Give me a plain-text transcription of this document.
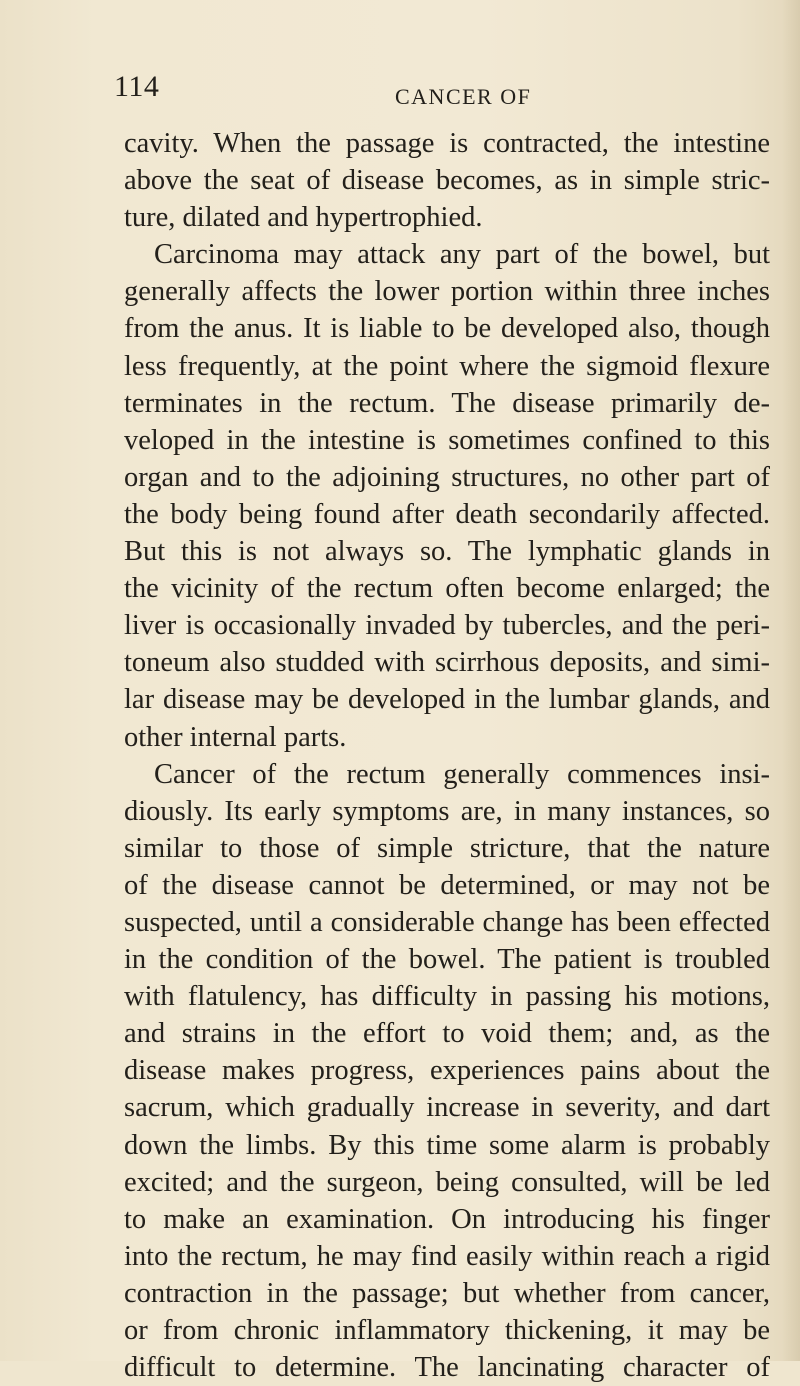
114	CANCER OF
cavity. When the passage is contracted, the intestine
above the seat of disease becomes, as in simple stric-
ture, dilated and hypertrophied.
Carcinoma may attack any part of the bowel, but
generally affects the lower portion within three inches
from the anus. It is liable to be developed also, though
less frequently, at the point where the sigmoid flexure
terminates in the rectum. The disease primarily de-
veloped in the intestine is sometimes confined to this
organ and to the adjoining structures, no other part of
the body being found after death secondarily affected.
But this is not always so. The lymphatic glands in
the vicinity of the rectum often become enlarged; the
liver is occasionally invaded by tubercles, and the peri-
toneum also studded with scirrhous deposits, and simi-
lar disease may be developed in the lumbar glands, and
other internal parts.
Cancer of the rectum generally commences insi-
diously. Its early symptoms are, in many instances, so
similar to those of simple stricture, that the nature
of the disease cannot be determined, or may not be
suspected, until a considerable change has been effected
in the condition of the bowel. The patient is troubled
with flatulency, has difficulty in passing his motions,
and strains in the effort to void them; and, as the
disease makes progress, experiences pains about the
sacrum, which gradually increase in severity, and dart
down the limbs. By this time some alarm is probably
excited; and the surgeon, being consulted, will be led
to make an examination. On introducing his finger
into the rectum, he may find easily within reach a rigid
contraction in the passage; but whether from cancer,
or from chronic inflammatory thickening, it may be
difficult to determine. The lancinating character of
